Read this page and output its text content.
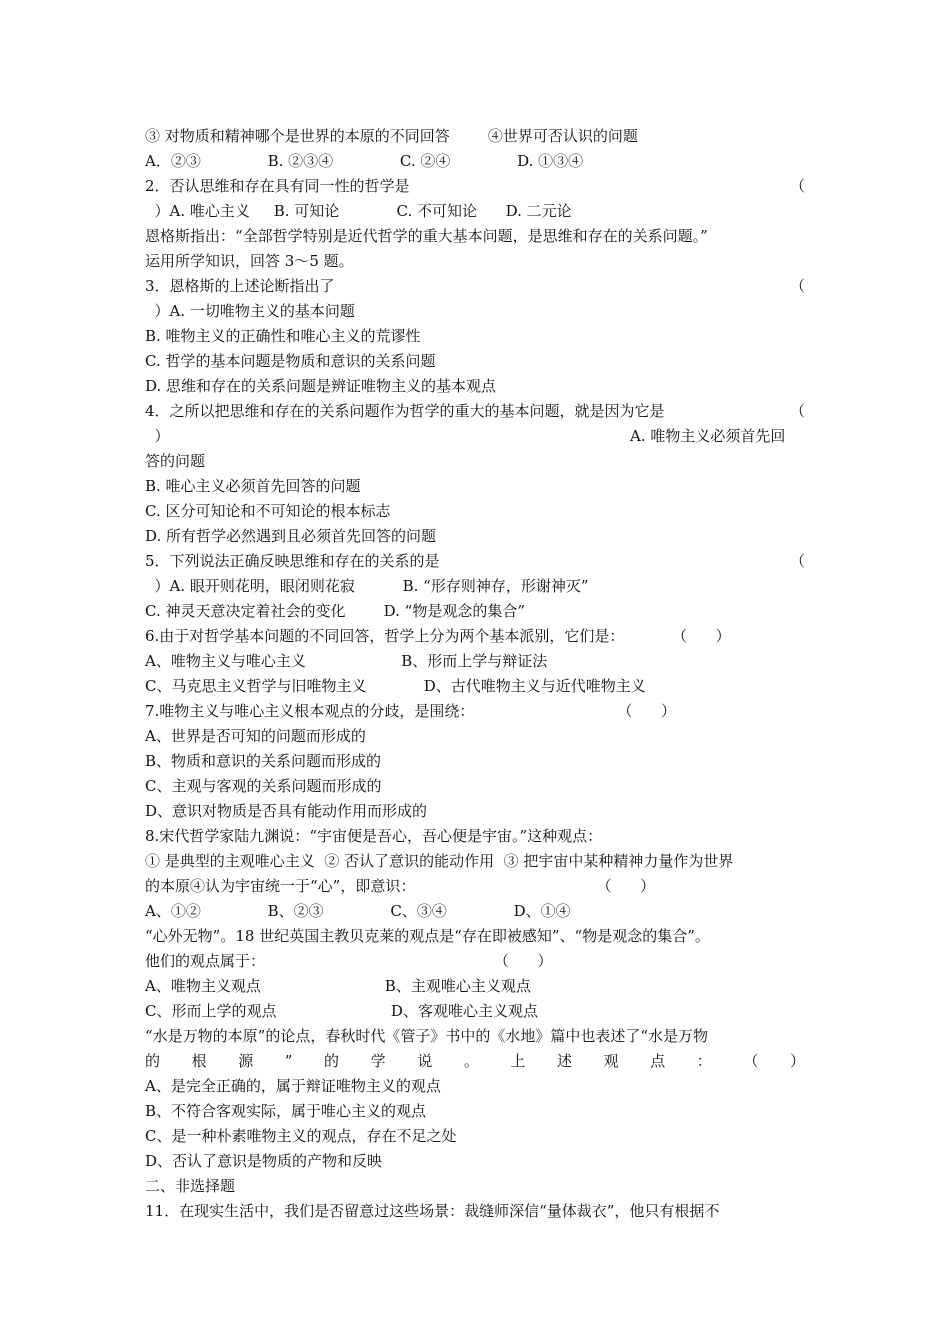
③ 对物质和精神哪个是世界的本原的不同回答        ④世界可否认识的问题
A．②③              B. ②③④              C. ②④              D. ①③④
2．否认思维和存在具有同一性的哲学是	（
）A. 唯心主义     B. 可知论            C. 不可知论      D. 二元论
恩格斯指出：“全部哲学特别是近代哲学的重大基本问题，是思维和存在的关系问题。”
运用所学知识，回答 3～5 题。
3．恩格斯的上述论断指出了	（
）A. 一切唯物主义的基本问题
B. 唯物主义的正确性和唯心主义的荒谬性
C. 哲学的基本问题是物质和意识的关系问题
D. 思维和存在的关系问题是辨证唯物主义的基本观点
4．之所以把思维和存在的关系问题作为哲学的重大的基本问题，就是因为它是	（
）	A. 唯物主义必须首先回
答的问题
B. 唯心主义必须首先回答的问题
C. 区分可知论和不可知论的根本标志
D. 所有哲学必然遇到且必须首先回答的问题
5．下列说法正确反映思维和存在的关系的是	（
）A. 眼开则花明，眼闭则花寂          B. “形存则神存，形谢神灭”
C. 神灵天意决定着社会的变化        D. “物是观念的集合”
6.由于对哲学基本问题的不同回答，哲学上分为两个基本派别，它们是：          （      ）
A、唯物主义与唯心主义                    B、形而上学与辩证法
C、马克思主义哲学与旧唯物主义            D、古代唯物主义与近代唯物主义
7.唯物主义与唯心主义根本观点的分歧，是围绕：                              （      ）
A、世界是否可知的问题而形成的
B、物质和意识的关系问题而形成的
C、主观与客观的关系问题而形成的
D、意识对物质是否具有能动作用而形成的
8.宋代哲学家陆九渊说：“宇宙便是吾心，吾心便是宇宙。”这种观点：
① 是典型的主观唯心主义  ② 否认了意识的能动作用  ③ 把宇宙中某种精神力量作为世界
的本原④认为宇宙统一于“心”，即意识：                                      （      ）
A、①②              B、②③              C、③④              D、①④
“心外无物”。18 世纪英国主教贝克莱的观点是“存在即被感知”、“物是观念的集合”。
他们的观点属于：                                                （      ）
A、唯物主义观点                          B、主观唯心主义观点
C、形而上学的观点                        D、客观唯心主义观点
“水是万物的本原”的论点，春秋时代《管子》书中的《水地》篇中也表述了“水是万物
的 根 源 ” 的 学 说 。 上 述 观 点 ： （ ）
A、是完全正确的，属于辩证唯物主义的观点
B、不符合客观实际，属于唯心主义的观点
C、是一种朴素唯物主义的观点，存在不足之处
D、否认了意识是物质的产物和反映
二、非选择题
11．在现实生活中，我们是否留意过这些场景：裁缝师深信“量体裁衣”，他只有根据不
